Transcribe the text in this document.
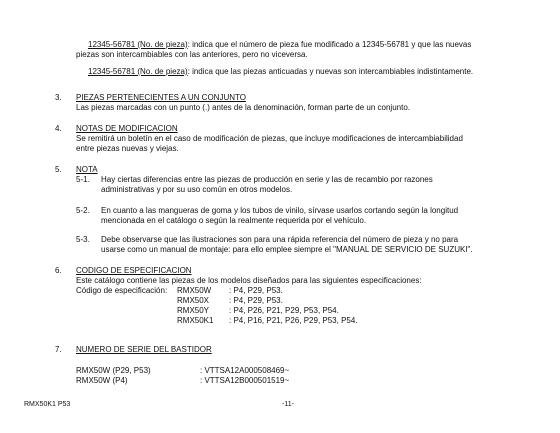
12345-56781 (No. de pieza): indica que el número de pieza fue modificado a 12345-56781 y que las nuevas
piezas son intercambiables con las anteriores, pero no viceversa.
12345-56781 (No. de pieza): indica que las piezas anticuadas y nuevas son intercambiables indistintamente.
3. PIEZAS PERTENECIENTES A UN CONJUNTO
Las piezas marcadas con un punto (.) antes de la denominación, forman parte de un conjunto.
4. NOTAS DE MODIFICACION
Se remitirá un boletín en el caso de modificación de piezas, que incluye modificaciones de intercambiabilidad
entre piezas nuevas y viejas.
5. NOTA
5-1. Hay ciertas diferencias entre las piezas de producción en serie y las de recambio por razones
administrativas y por su uso común en otros modelos.
5-2. En cuanto a las mangueras de goma y los tubos de vinilo, sírvase usarlos cortando según la longitud
mencionada en el catálogo o según la realmente requerida por el vehículo.
5-3. Debe observarse que las ilustraciones son para una rápida referencia del número de pieza y no para
usarse como un manual de montaje: para ello emplee siempre el "MANUAL DE SERVICIO DE SUZUKI".
6. CODIGO DE ESPECIFICACION
Este catálogo contiene las piezas de los modelos diseñados para las siguientes especificaciones:
Código de especificación: RMX50W : P4, P29, P53.
RMX50X : P4, P29, P53.
RMX50Y : P4, P26, P21, P29, P53, P54.
RMX50K1 : P4, P16, P21, P26, P29, P53, P54.
7. NUMERO DE SERIE DEL BASTIDOR
RMX50W (P29, P53)	: VTTSA12A000508469~
RMX50W (P4)	: VTTSA12B000501519~
RMX50K1 P53	-11-
